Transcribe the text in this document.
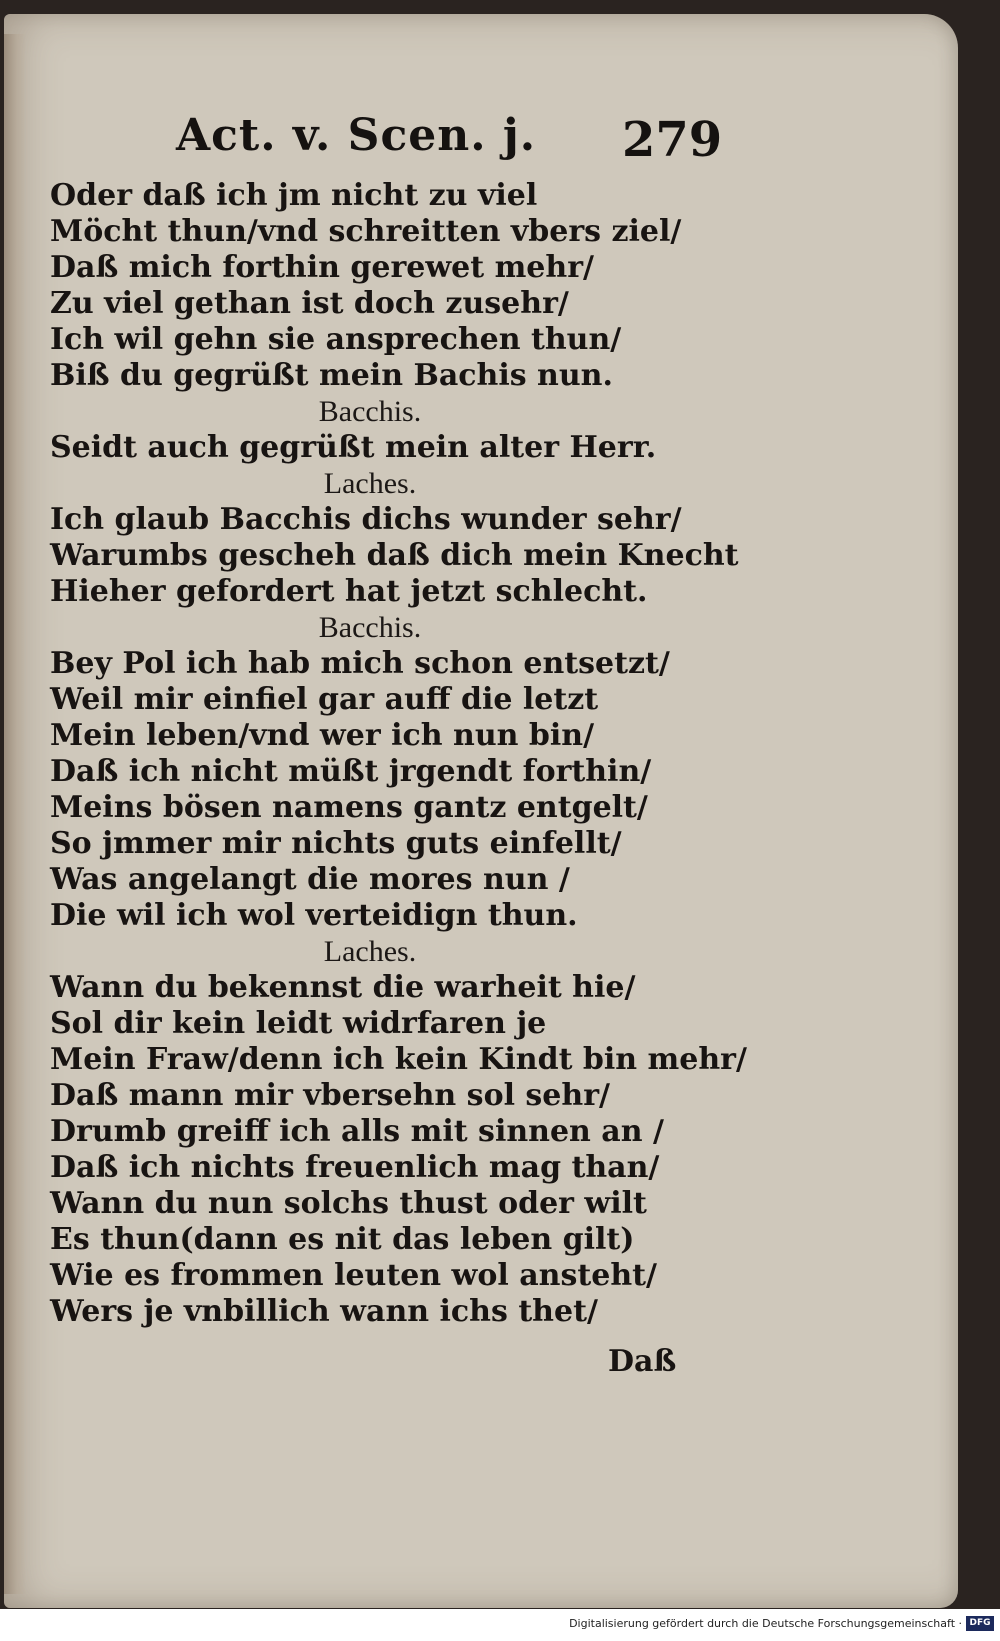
Act. v. Scen. j. 279
Oder daß ich jm nicht zu viel
Möcht thun/vnd schreitten vbers ziel/
Daß mich forthin gerewet mehr/
Zu viel gethan ist doch zusehr/
Ich wil gehn sie ansprechen thun/
Biß du gegrüßt mein Bachis nun.
Bacchis.
Seidt auch gegrüßt mein alter Herr.
Laches.
Ich glaub Bacchis dichs wunder sehr/
Warumbs gescheh daß dich mein Knecht
Hieher gefordert hat jetzt schlecht.
Bacchis.
Bey Pol ich hab mich schon entsetzt/
Weil mir einfiel gar auff die letzt
Mein leben/vnd wer ich nun bin/
Daß ich nicht müßt jrgendt forthin/
Meins bösen namens gantz entgelt/
So jmmer mir nichts guts einfellt/
Was angelangt die mores nun /
Die wil ich wol verteidign thun.
Laches.
Wann du bekennst die warheit hie/
Sol dir kein leidt widrfaren je
Mein Fraw/denn ich kein Kindt bin mehr/
Daß mann mir vbersehn sol sehr/
Drumb greiff ich alls mit sinnen an /
Daß ich nichts freuenlich mag than/
Wann du nun solchs thust oder wilt
Es thun(dann es nit das leben gilt)
Wie es frommen leuten wol ansteht/
Wers je vnbillich wann ichs thet/
Daß
Digitalisierung gefördert durch die Deutsche Forschungsgemeinschaft · DFG
